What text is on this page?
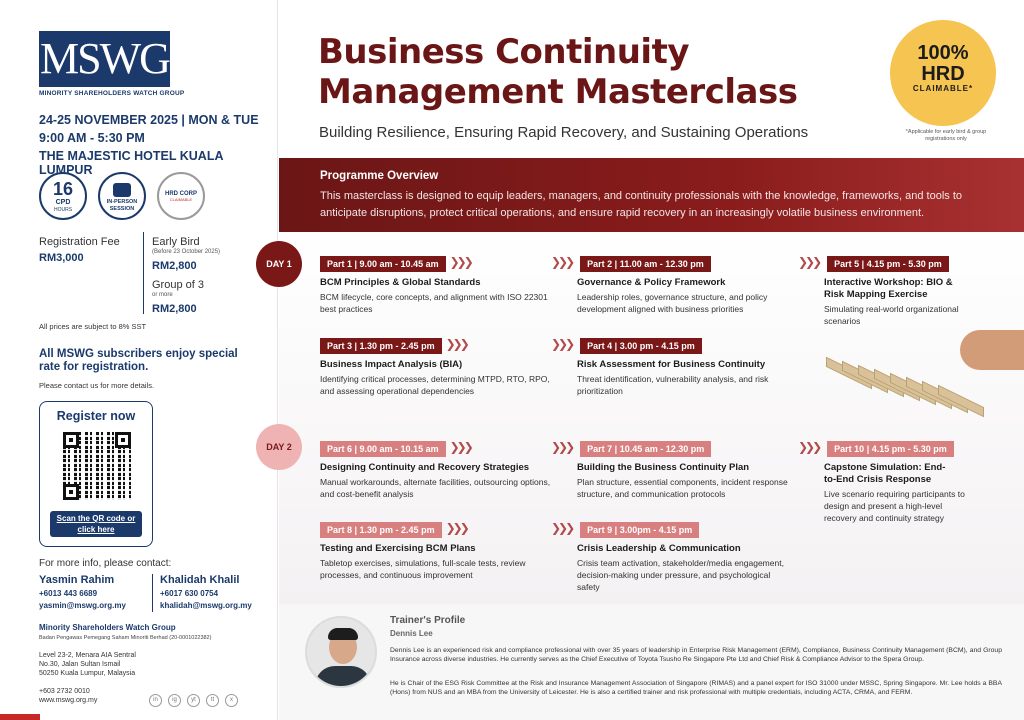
MSWG
MINORITY SHAREHOLDERS WATCH GROUP
24-25 NOVEMBER 2025 | MON & TUE
9:00 AM - 5:30 PM
THE MAJESTIC HOTEL KUALA LUMPUR
16
CPD
HOURS
IN-PERSON SESSION
HRD CORP
CLAIMABLE
Registration Fee
RM3,000
Early Bird
(Before 23 October 2025)
RM2,800
Group of 3
or more
RM2,800
All prices are subject to 8% SST
All MSWG subscribers enjoy special rate for registration.
Please contact us for more details.
Register now
Scan the QR code or click here
For more info, please contact:
Yasmin Rahim
+6013 443 6689
yasmin@mswg.org.my
Khalidah Khalil
+6017 630 0754
khalidah@mswg.org.my
Minority Shareholders Watch Group
Badan Pengawas Pemegang Saham Minoriti Berhad (20-0001022382)
Level 23-2, Menara AIA Sentral
No.30, Jalan Sultan Ismail
50250 Kuala Lumpur, Malaysia
+603 2732 0010
www.mswg.org.my	in	ig	yt	tt	x
Business Continuity
Management Masterclass
Building Resilience, Ensuring Rapid Recovery, and Sustaining Operations
100%
HRD
CLAIMABLE*
*Applicable for early bird & group registrations only
Programme Overview
This masterclass is designed to equip leaders, managers, and continuity professionals with the knowledge, frameworks, and tools to anticipate disruptions, protect critical operations, and ensure rapid recovery in an increasingly volatile business environment.
DAY 1
DAY 2
Part 1 | 9.00 am - 10.45 am ❯❯❯
BCM Principles & Global Standards
BCM lifecycle, core concepts, and alignment with ISO 22301 best practices
❯❯❯ Part 2 | 11.00 am - 12.30 pm
Governance & Policy Framework
Leadership roles, governance structure, and policy development aligned with business priorities
❯❯❯ Part 5 | 4.15 pm - 5.30 pm
Interactive Workshop: BIO & Risk Mapping Exercise
Simulating real-world organizational scenarios
Part 3 | 1.30 pm - 2.45 pm ❯❯❯
Business Impact Analysis (BIA)
Identifying critical processes, determining MTPD, RTO, RPO, and assessing operational dependencies
❯❯❯ Part 4 | 3.00 pm - 4.15 pm
Risk Assessment for Business Continuity
Threat identification, vulnerability analysis, and risk prioritization
Part 6 | 9.00 am - 10.15 am ❯❯❯
Designing Continuity and Recovery Strategies
Manual workarounds, alternate facilities, outsourcing options, and cost-benefit analysis
❯❯❯ Part 7 | 10.45 am - 12.30 pm
Building the Business Continuity Plan
Plan structure, essential components, incident response structure, and communication protocols
❯❯❯ Part 10 | 4.15 pm - 5.30 pm
Capstone Simulation: End-to-End Crisis Response
Live scenario requiring participants to design and present a high-level recovery and continuity strategy
Part 8 | 1.30 pm - 2.45 pm ❯❯❯
Testing and Exercising BCM Plans
Tabletop exercises, simulations, full-scale tests, review processes, and continuous improvement
❯❯❯ Part 9 | 3.00pm - 4.15 pm
Crisis Leadership & Communication
Crisis team activation, stakeholder/media engagement, decision-making under pressure, and psychological safety
Trainer's Profile
Dennis Lee
Dennis Lee is an experienced risk and compliance professional with over 35 years of leadership in Enterprise Risk Management (ERM), Compliance, Business Continuity Management (BCM), and Group Insurance across diverse industries. He currently serves as the Chief Executive of Toyota Tsusho Re Singapore Pte Ltd and Chief Risk & Compliance Advisor to the Spera Group.
He is Chair of the ESG Risk Committee at the Risk and Insurance Management Association of Singapore (RIMAS) and a panel expert for ISO 31000 under MSSC, Spring Singapore. Mr. Lee holds a BBA (Hons) from NUS and an MBA from the University of Leicester. He is also a certified trainer and risk professional with multiple credentials, including ACTA, CRMA, and FERM.
